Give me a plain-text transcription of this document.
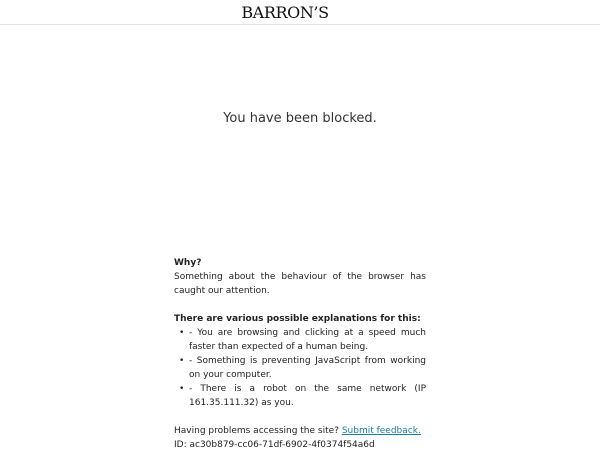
BARRON’S
You have been blocked.

Why?

Something about the behaviour of the browser has caught our attention.

There are various possible explanations for this:

• - You are browsing and clicking at a speed much faster than expected of a human being.
• - Something is preventing JavaScript from working on your computer.
• - There is a robot on the same network (IP 161.35.111.32) as you.

Having problems accessing the site? Submit feedback.

ID: ac30b879-cc06-71df-6902-4f0374f54a6d
